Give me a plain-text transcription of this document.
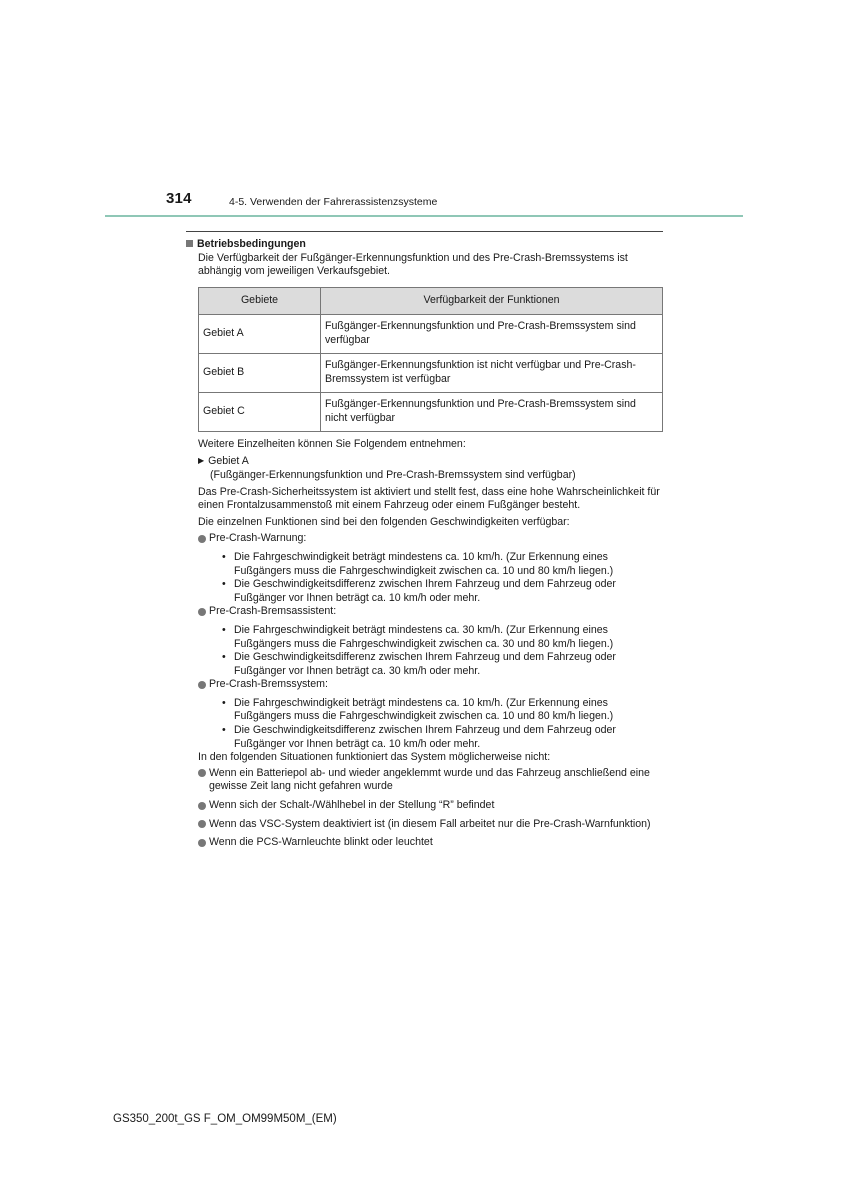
314	4-5. Verwenden der Fahrerassistenzsysteme

Betriebsbedingungen

Die Verfügbarkeit der Fußgänger-Erkennungsfunktion und des Pre-Crash-Bremssystems ist abhängig vom jeweiligen Verkaufsgebiet.

Gebiete	Verfügbarkeit der Funktionen
Gebiet A	Fußgänger-Erkennungsfunktion und Pre-Crash-Bremssystem sind verfügbar
Gebiet B	Fußgänger-Erkennungsfunktion ist nicht verfügbar und Pre-Crash-Bremssystem ist verfügbar
Gebiet C	Fußgänger-Erkennungsfunktion und Pre-Crash-Bremssystem sind nicht verfügbar

Weitere Einzelheiten können Sie Folgendem entnehmen:

▶ Gebiet A

(Fußgänger-Erkennungsfunktion und Pre-Crash-Bremssystem sind verfügbar)

Das Pre-Crash-Sicherheitssystem ist aktiviert und stellt fest, dass eine hohe Wahrscheinlichkeit für einen Frontalzusammenstoß mit einem Fahrzeug oder einem Fußgänger besteht.

Die einzelnen Funktionen sind bei den folgenden Geschwindigkeiten verfügbar:

Pre-Crash-Warnung:

• Die Fahrgeschwindigkeit beträgt mindestens ca. 10 km/h. (Zur Erkennung eines Fußgängers muss die Fahrgeschwindigkeit zwischen ca. 10 und 80 km/h liegen.)

• Die Geschwindigkeitsdifferenz zwischen Ihrem Fahrzeug und dem Fahrzeug oder Fußgänger vor Ihnen beträgt ca. 10 km/h oder mehr.

Pre-Crash-Bremsassistent:

• Die Fahrgeschwindigkeit beträgt mindestens ca. 30 km/h. (Zur Erkennung eines Fußgängers muss die Fahrgeschwindigkeit zwischen ca. 30 und 80 km/h liegen.)

• Die Geschwindigkeitsdifferenz zwischen Ihrem Fahrzeug und dem Fahrzeug oder Fußgänger vor Ihnen beträgt ca. 30 km/h oder mehr.

Pre-Crash-Bremssystem:

• Die Fahrgeschwindigkeit beträgt mindestens ca. 10 km/h. (Zur Erkennung eines Fußgängers muss die Fahrgeschwindigkeit zwischen ca. 10 und 80 km/h liegen.)

• Die Geschwindigkeitsdifferenz zwischen Ihrem Fahrzeug und dem Fahrzeug oder Fußgänger vor Ihnen beträgt ca. 10 km/h oder mehr.

In den folgenden Situationen funktioniert das System möglicherweise nicht:

Wenn ein Batteriepol ab- und wieder angeklemmt wurde und das Fahrzeug anschließend eine gewisse Zeit lang nicht gefahren wurde

Wenn sich der Schalt-/Wählhebel in der Stellung “R” befindet

Wenn das VSC-System deaktiviert ist (in diesem Fall arbeitet nur die Pre-Crash-Warnfunktion)

Wenn die PCS-Warnleuchte blinkt oder leuchtet

GS350_200t_GS F_OM_OM99M50M_(EM)
